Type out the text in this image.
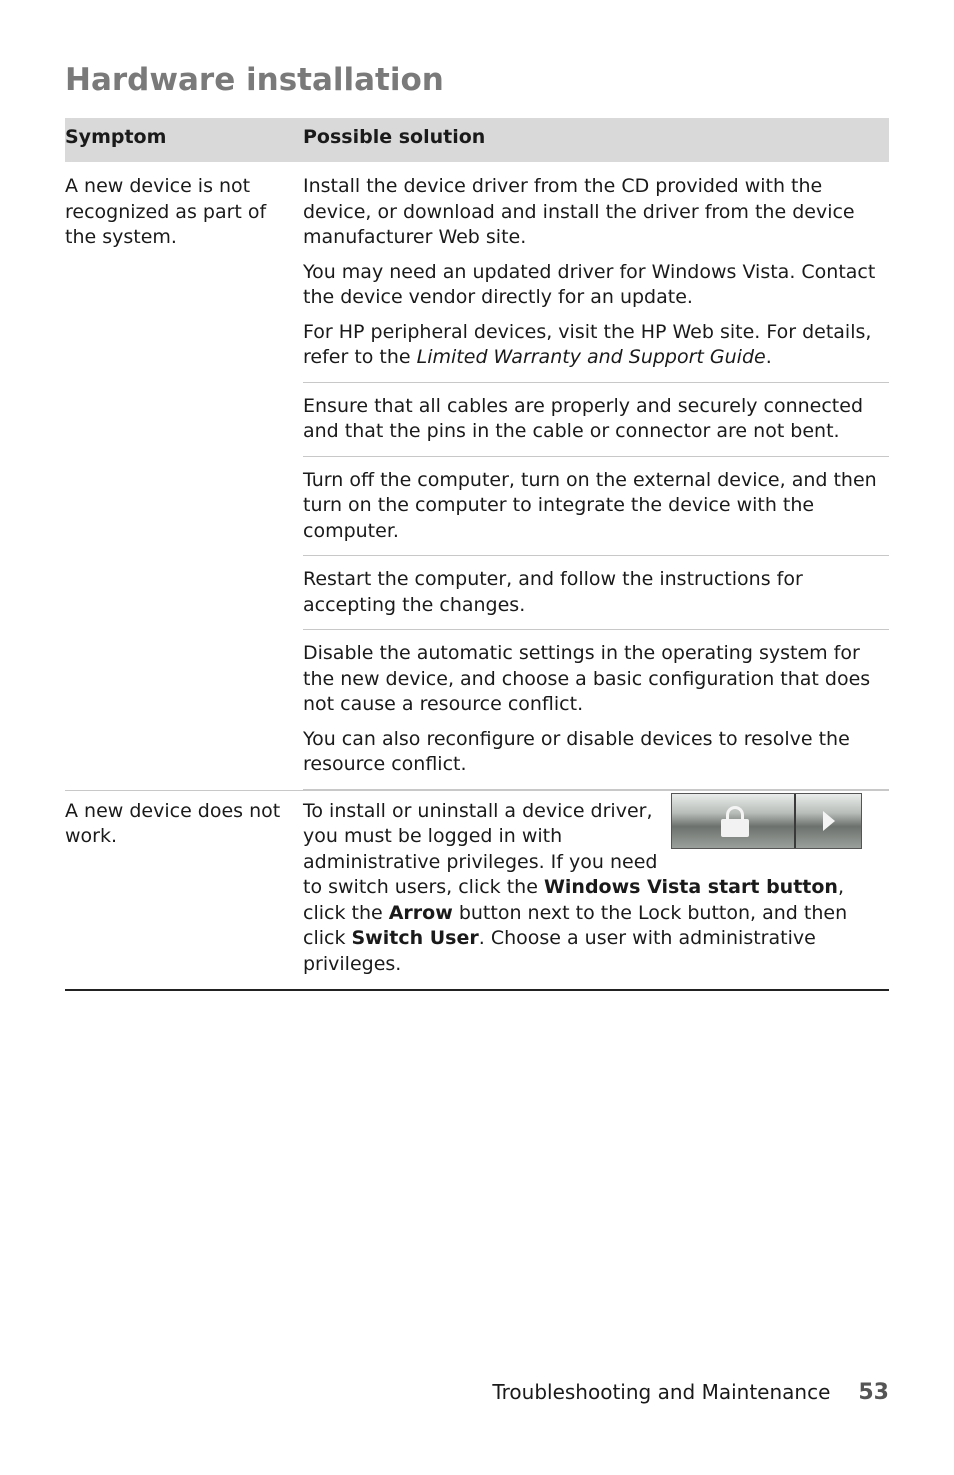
Hardware installation
Symptom	Possible solution
A new device is not recognized as part of the system.

Install the device driver from the CD provided with the device, or download and install the driver from the device manufacturer Web site.

You may need an updated driver for Windows Vista. Contact the device vendor directly for an update.

For HP peripheral devices, visit the HP Web site. For details, refer to the Limited Warranty and Support Guide.

Ensure that all cables are properly and securely connected and that the pins in the cable or connector are not bent.

Turn off the computer, turn on the external device, and then turn on the computer to integrate the device with the computer.

Restart the computer, and follow the instructions for accepting the changes.

Disable the automatic settings in the operating system for the new device, and choose a basic configuration that does not cause a resource conflict.

You can also reconfigure or disable devices to resolve the resource conflict.

A new device does not work.

To install or uninstall a device driver, you must be logged in with administrative privileges. If you need to switch users, click the Windows Vista start button, click the Arrow button next to the Lock button, and then click Switch User. Choose a user with administrative privileges.

Troubleshooting and Maintenance 53
